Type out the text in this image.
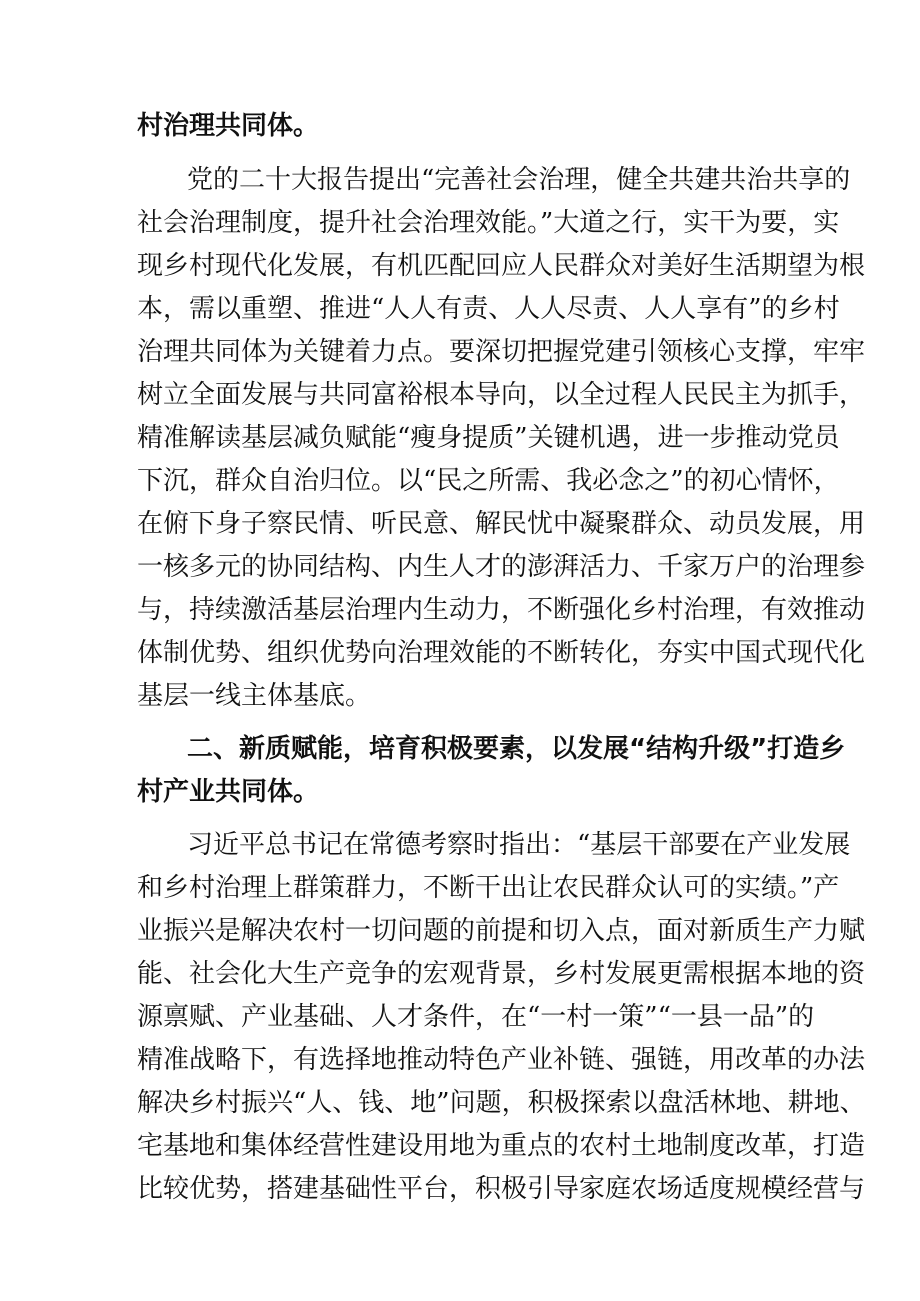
村治理共同体。
党的二十大报告提出“完善社会治理，健全共建共治共享的
社会治理制度，提升社会治理效能。”大道之行，实干为要，实
现乡村现代化发展，有机匹配回应人民群众对美好生活期望为根
本，需以重塑、推进“人人有责、人人尽责、人人享有”的乡村
治理共同体为关键着力点。要深切把握党建引领核心支撑，牢牢
树立全面发展与共同富裕根本导向，以全过程人民民主为抓手，
精准解读基层减负赋能“瘦身提质”关键机遇，进一步推动党员
下沉，群众自治归位。以“民之所需、我必念之”的初心情怀，
在俯下身子察民情、听民意、解民忧中凝聚群众、动员发展，用
一核多元的协同结构、内生人才的澎湃活力、千家万户的治理参
与，持续激活基层治理内生动力，不断强化乡村治理，有效推动
体制优势、组织优势向治理效能的不断转化，夯实中国式现代化
基层一线主体基底。
二、新质赋能，培育积极要素，以发展“结构升级”打造乡
村产业共同体。
习近平总书记在常德考察时指出：“基层干部要在产业发展
和乡村治理上群策群力，不断干出让农民群众认可的实绩。”产
业振兴是解决农村一切问题的前提和切入点，面对新质生产力赋
能、社会化大生产竞争的宏观背景，乡村发展更需根据本地的资
源禀赋、产业基础、人才条件，在“一村一策”“一县一品”的
精准战略下，有选择地推动特色产业补链、强链，用改革的办法
解决乡村振兴“人、钱、地”问题，积极探索以盘活林地、耕地、
宅基地和集体经营性建设用地为重点的农村土地制度改革，打造
比较优势，搭建基础性平台，积极引导家庭农场适度规模经营与
